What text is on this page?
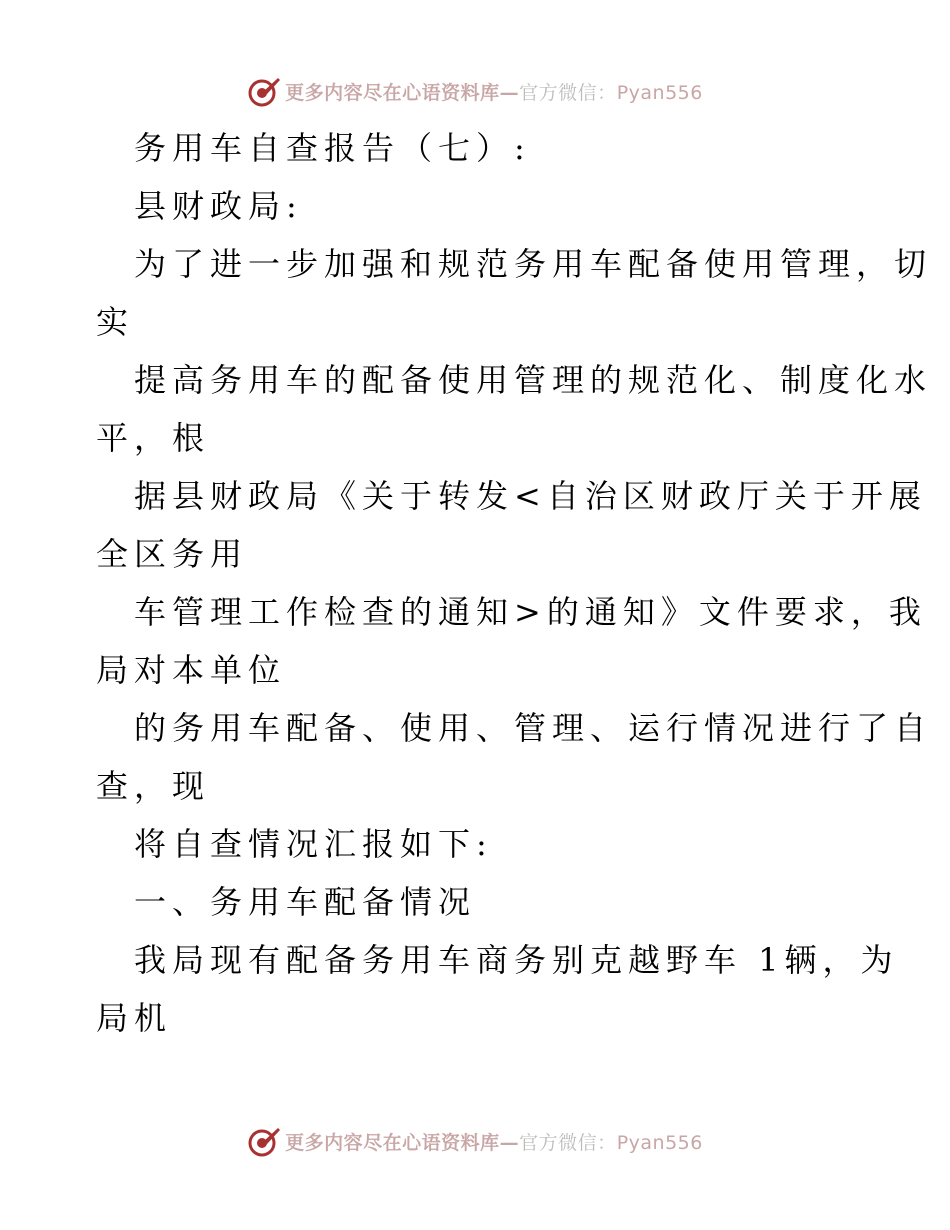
更多内容尽在心语资料库—官方微信：Pyan556
务用车自查报告（七）:
县财政局:
为了进一步加强和规范务用车配备使用管理，切
实
提高务用车的配备使用管理的规范化、制度化水
平，根
据县财政局《关于转发<自治区财政厅关于开展
全区务用
车管理工作检查的通知>的通知》文件要求，我
局对本单位
的务用车配备、使用、管理、运行情况进行了自
查，现
将自查情况汇报如下:
一、务用车配备情况
我局现有配备务用车商务别克越野车 1辆，为
局机
更多内容尽在心语资料库—官方微信：Pyan556
